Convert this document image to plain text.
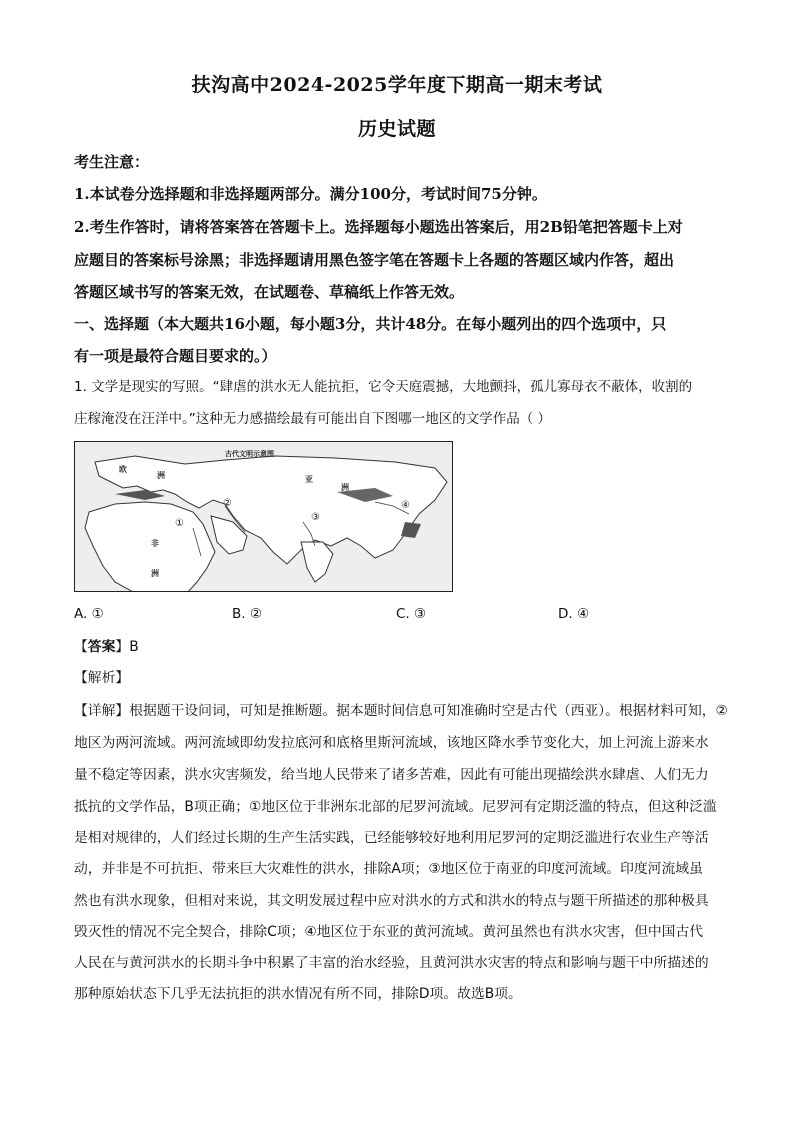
扶沟高中2024-2025学年度下期高一期末考试
历史试题
考生注意：
1.本试卷分选择题和非选择题两部分。满分100分，考试时间75分钟。
2.考生作答时，请将答案答在答题卡上。选择题每小题选出答案后，用2B铅笔把答题卡上对
应题目的答案标号涂黑；非选择题请用黑色签字笔在答题卡上各题的答题区域内作答，超出
答题区域书写的答案无效，在试题卷、草稿纸上作答无效。
一、选择题（本大题共16小题，每小题3分，共计48分。在每小题列出的四个选项中，只
有一项是最符合题目要求的。）
1. 文学是现实的写照。“肆虐的洪水无人能抗拒，它令天庭震撼，大地颤抖，孤儿寡母衣不蔽体，收割的
庄稼淹没在汪洋中。”这种无力感描绘最有可能出自下图哪一地区的文学作品（ ）
古代文明示意图
欧
洲	亚
洲
非
洲
①
②
③
④
A. ①	B. ②	C. ③	D. ④
【答案】B
【解析】
【详解】根据题干设问词，可知是推断题。据本题时间信息可知准确时空是古代（西亚）。根据材料可知，②
地区为两河流域。两河流域即幼发拉底河和底格里斯河流域，该地区降水季节变化大，加上河流上游来水
量不稳定等因素，洪水灾害频发，给当地人民带来了诸多苦难，因此有可能出现描绘洪水肆虐、人们无力
抵抗的文学作品，B项正确；①地区位于非洲东北部的尼罗河流域。尼罗河有定期泛滥的特点，但这种泛滥
是相对规律的，人们经过长期的生产生活实践，已经能够较好地利用尼罗河的定期泛滥进行农业生产等活
动，并非是不可抗拒、带来巨大灾难性的洪水，排除A项；③地区位于南亚的印度河流域。印度河流域虽
然也有洪水现象，但相对来说，其文明发展过程中应对洪水的方式和洪水的特点与题干所描述的那种极具
毁灭性的情况不完全契合，排除C项；④地区位于东亚的黄河流域。黄河虽然也有洪水灾害，但中国古代
人民在与黄河洪水的长期斗争中积累了丰富的治水经验，且黄河洪水灾害的特点和影响与题干中所描述的
那种原始状态下几乎无法抗拒的洪水情况有所不同，排除D项。故选B项。
